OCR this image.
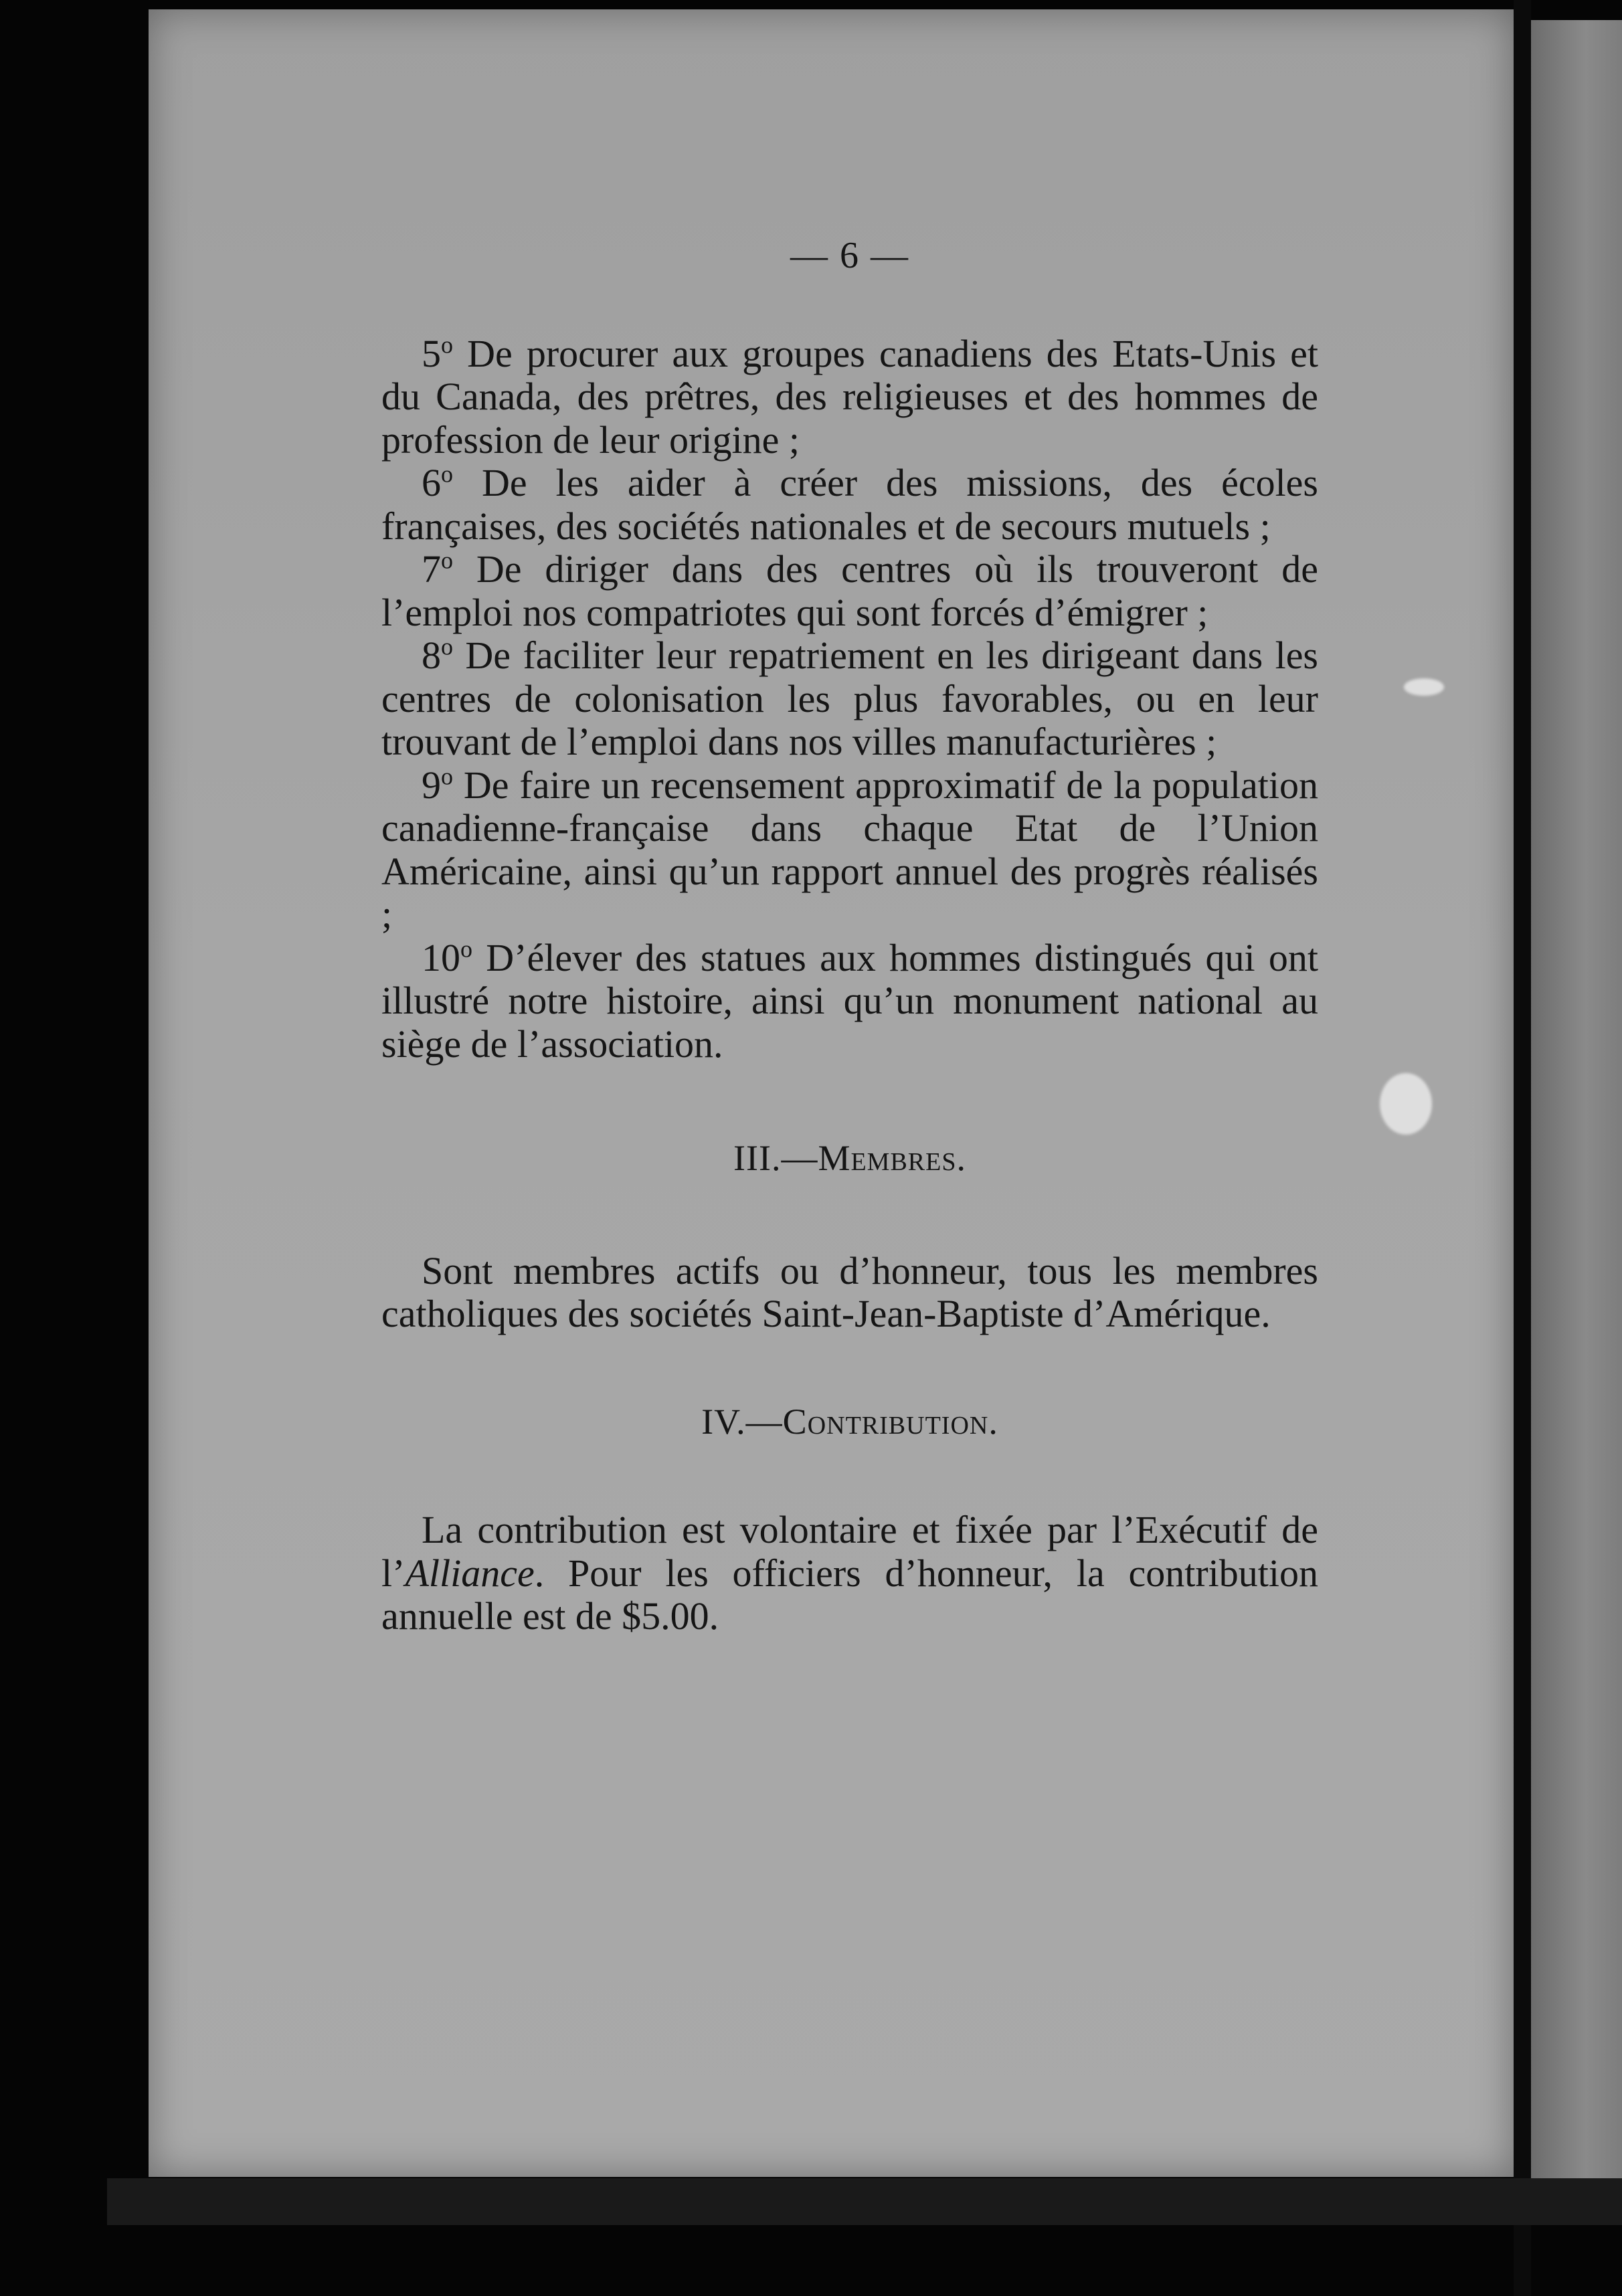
— 6 —

5$^o$ De procurer aux groupes canadiens des Etats-Unis et du Canada, des prêtres, des religieuses et des hommes de profession de leur origine ;

6$^o$ De les aider à créer des missions, des écoles françaises, des sociétés nationales et de secours mutuels ;

7$^o$ De diriger dans des centres où ils trouveront de l’emploi nos compatriotes qui sont forcés d’émigrer ;

8$^o$ De faciliter leur repatriement en les dirigeant dans les centres de colonisation les plus favorables, ou en leur trouvant de l’emploi dans nos villes manufacturières ;

9$^o$ De faire un recensement approximatif de la population canadienne-française dans chaque Etat de l’Union Américaine, ainsi qu’un rapport annuel des progrès réalisés ;

10$^o$ D’élever des statues aux hommes distingués qui ont illustré notre histoire, ainsi qu’un monument national au siège de l’association.

III.—Membres.

Sont membres actifs ou d’honneur, tous les membres catholiques des sociétés Saint-Jean-Baptiste d’Amérique.

IV.—Contribution.

La contribution est volontaire et fixée par l’Exécutif de l’Alliance. Pour les officiers d’honneur, la contribution annuelle est de $5.00.
